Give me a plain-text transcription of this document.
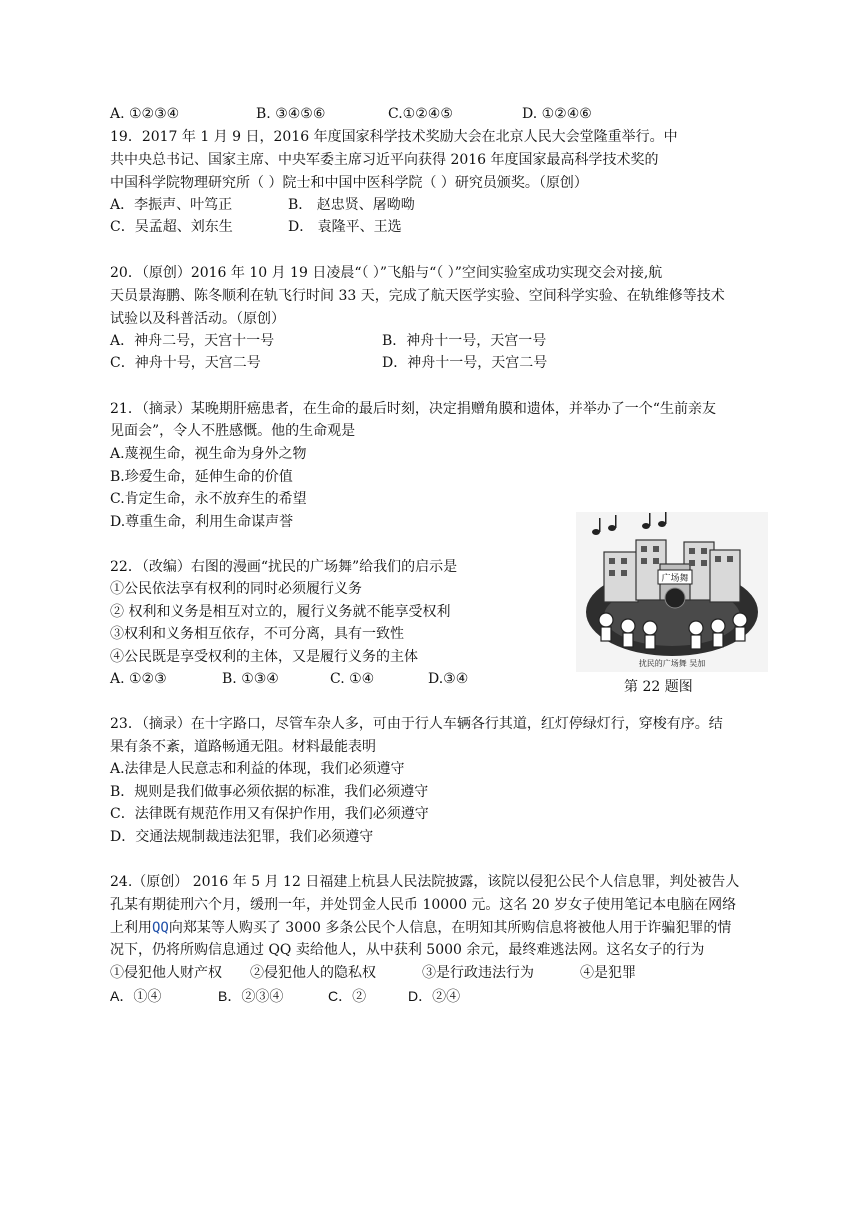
A. ①②③④	B. ③④⑤⑥	C.①②④⑤	D. ①②④⑥
19．2017 年 1 月 9 日，2016 年度国家科学技术奖励大会在北京人民大会堂隆重举行。中
共中央总书记、国家主席、中央军委主席习近平向获得 2016 年度国家最高科学技术奖的
中国科学院物理研究所（ ）院士和中国中医科学院（ ）研究员颁奖。（原创）
A．李振声、叶笃正	B． 赵忠贤、屠呦呦
C．吴孟超、刘东生	D． 袁隆平、王选
20．（原创）2016 年 10 月 19 日凌晨“（ ）”飞船与“（ ）”空间实验室成功实现交会对接,航
天员景海鹏、陈冬顺利在轨飞行时间 33 天，完成了航天医学实验、空间科学实验、在轨维修等技术
试验以及科普活动。（原创）
A．神舟二号，天宫十一号	B．神舟十一号，天宫一号
C．神舟十号，天宫二号	D．神舟十一号，天宫二号
21．（摘录）某晚期肝癌患者，在生命的最后时刻，决定捐赠角膜和遗体，并举办了一个“生前亲友
见面会”，令人不胜感慨。他的生命观是
A.蔑视生命，视生命为身外之物
B.珍爱生命，延伸生命的价值
C.肯定生命，永不放弃生的希望
D.尊重生命，利用生命谋声誉
22．（改编）右图的漫画“扰民的广场舞”给我们的启示是
①公民依法享有权利的同时必须履行义务
② 权利和义务是相互对立的，履行义务就不能享受权利
③权利和义务相互依存，不可分离，具有一致性
④公民既是享受权利的主体，又是履行义务的主体
A. ①②③	B. ①③④	C. ①④	D.③④
广场舞
扰民的广场舞 吴加
第 22 题图
23．（摘录）在十字路口，尽管车杂人多，可由于行人车辆各行其道，红灯停绿灯行，穿梭有序。结
果有条不紊，道路畅通无阻。材料最能表明
A.法律是人民意志和利益的体现，我们必须遵守
B．规则是我们做事必须依据的标准，我们必须遵守
C．法律既有规范作用又有保护作用，我们必须遵守
D．交通法规制裁违法犯罪，我们必须遵守
24.（原创） 2016 年 5 月 12 日福建上杭县人民法院披露，该院以侵犯公民个人信息罪，判处被告人
孔某有期徒刑六个月，缓刑一年，并处罚金人民币 10000 元。这名 20 岁女子使用笔记本电脑在网络
上利用QQ向郑某等人购买了 3000 多条公民个人信息，在明知其所购信息将被他人用于诈骗犯罪的情
况下，仍将所购信息通过 QQ 卖给他人，从中获利 5000 余元，最终难逃法网。这名女子的行为
①侵犯他人财产权 ②侵犯他人的隐私权	③是行政违法行为	④是犯罪
A．①④	B．②③④	C．②	D．②④
